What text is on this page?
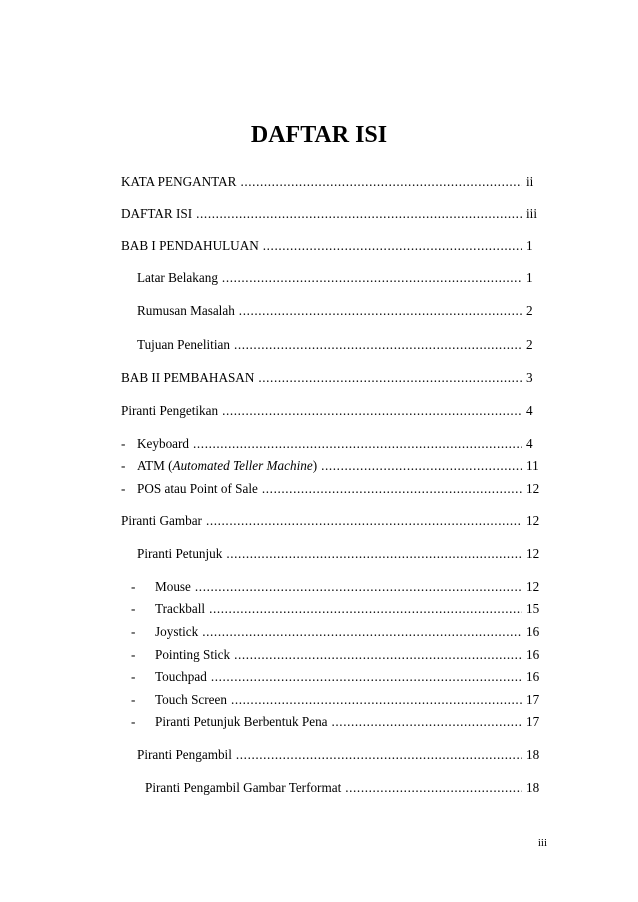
DAFTAR ISI
KATA PENGANTAR .....	ii
DAFTAR ISI .....	iii
BAB I PENDAHULUAN .....	1
Latar Belakang .....	1
Rumusan Masalah .....	2
Tujuan Penelitian .....	2
BAB II PEMBAHASAN .....	3
Piranti Pengetikan .....	4
- Keyboard .....	4
- ATM (Automated Teller Machine) .....	11
- POS atau Point of Sale .....	12
Piranti Gambar .....	12
Piranti Petunjuk .....	12
-	Mouse .....	12
-	Trackball .....	15
-	Joystick .....	16
-	Pointing Stick .....	16
-	Touchpad .....	16
-	Touch Screen .....	17
-	Piranti Petunjuk Berbentuk Pena .....	17
Piranti Pengambil .....	18
Piranti Pengambil Gambar Terformat .....	18
iii
